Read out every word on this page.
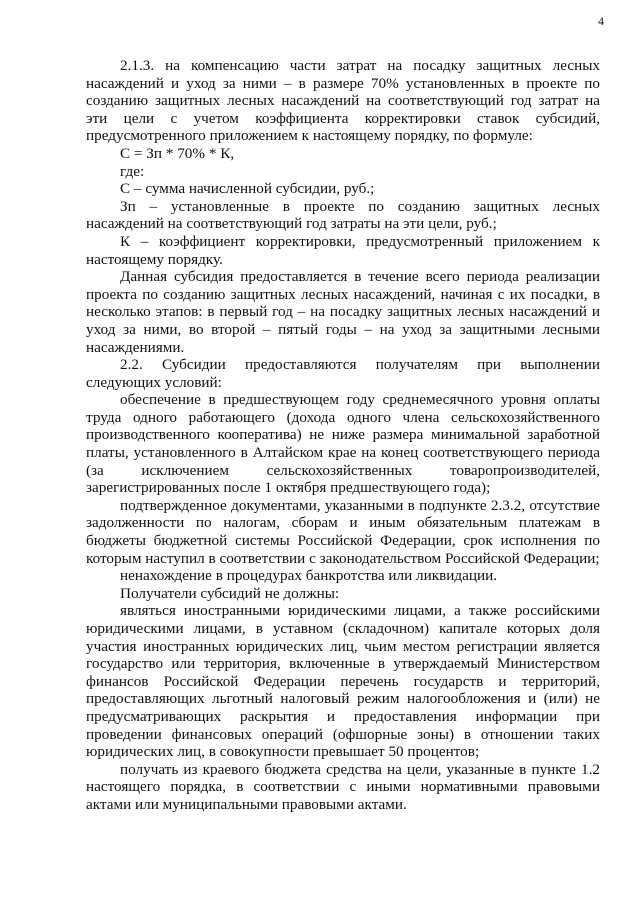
4

2.1.3. на компенсацию части затрат на посадку защитных лесных насаждений и уход за ними – в размере 70% установленных в проекте по созданию защитных лесных насаждений на соответствующий год затрат на эти цели с учетом коэффициента корректировки ставок субсидий, предусмотренного приложением к настоящему порядку, по формуле:

С = Зп * 70% * К,

где:

С – сумма начисленной субсидии, руб.;

Зп – установленные в проекте по созданию защитных лесных насаждений на соответствующий год затраты на эти цели, руб.;

К – коэффициент корректировки, предусмотренный приложением к настоящему порядку.

Данная субсидия предоставляется в течение всего периода реализации проекта по созданию защитных лесных насаждений, начиная с их посадки, в несколько этапов: в первый год – на посадку защитных лесных насаждений и уход за ними, во второй – пятый годы – на уход за защитными лесными насаждениями.

2.2. Субсидии предоставляются получателям при выполнении следующих условий:

обеспечение в предшествующем году среднемесячного уровня оплаты труда одного работающего (дохода одного члена сельскохозяйственного производственного кооператива) не ниже размера минимальной заработной платы, установленного в Алтайском крае на конец соответствующего периода (за исключением сельскохозяйственных товаропроизводителей, зарегистрированных после 1 октября предшествующего года);

подтвержденное документами, указанными в подпункте 2.3.2, отсутствие задолженности по налогам, сборам и иным обязательным платежам в бюджеты бюджетной системы Российской Федерации, срок исполнения по которым наступил в соответствии с законодательством Российской Федерации;

ненахождение в процедурах банкротства или ликвидации.

Получатели субсидий не должны:

являться иностранными юридическими лицами, а также российскими юридическими лицами, в уставном (складочном) капитале которых доля участия иностранных юридических лиц, чьим местом регистрации является государство или территория, включенные в утверждаемый Министерством финансов Российской Федерации перечень государств и территорий, предоставляющих льготный налоговый режим налогообложения и (или) не предусматривающих раскрытия и предоставления информации при проведении финансовых операций (офшорные зоны) в отношении таких юридических лиц, в совокупности превышает 50 процентов;

получать из краевого бюджета средства на цели, указанные в пункте 1.2 настоящего порядка, в соответствии с иными нормативными правовыми актами или муниципальными правовыми актами.
